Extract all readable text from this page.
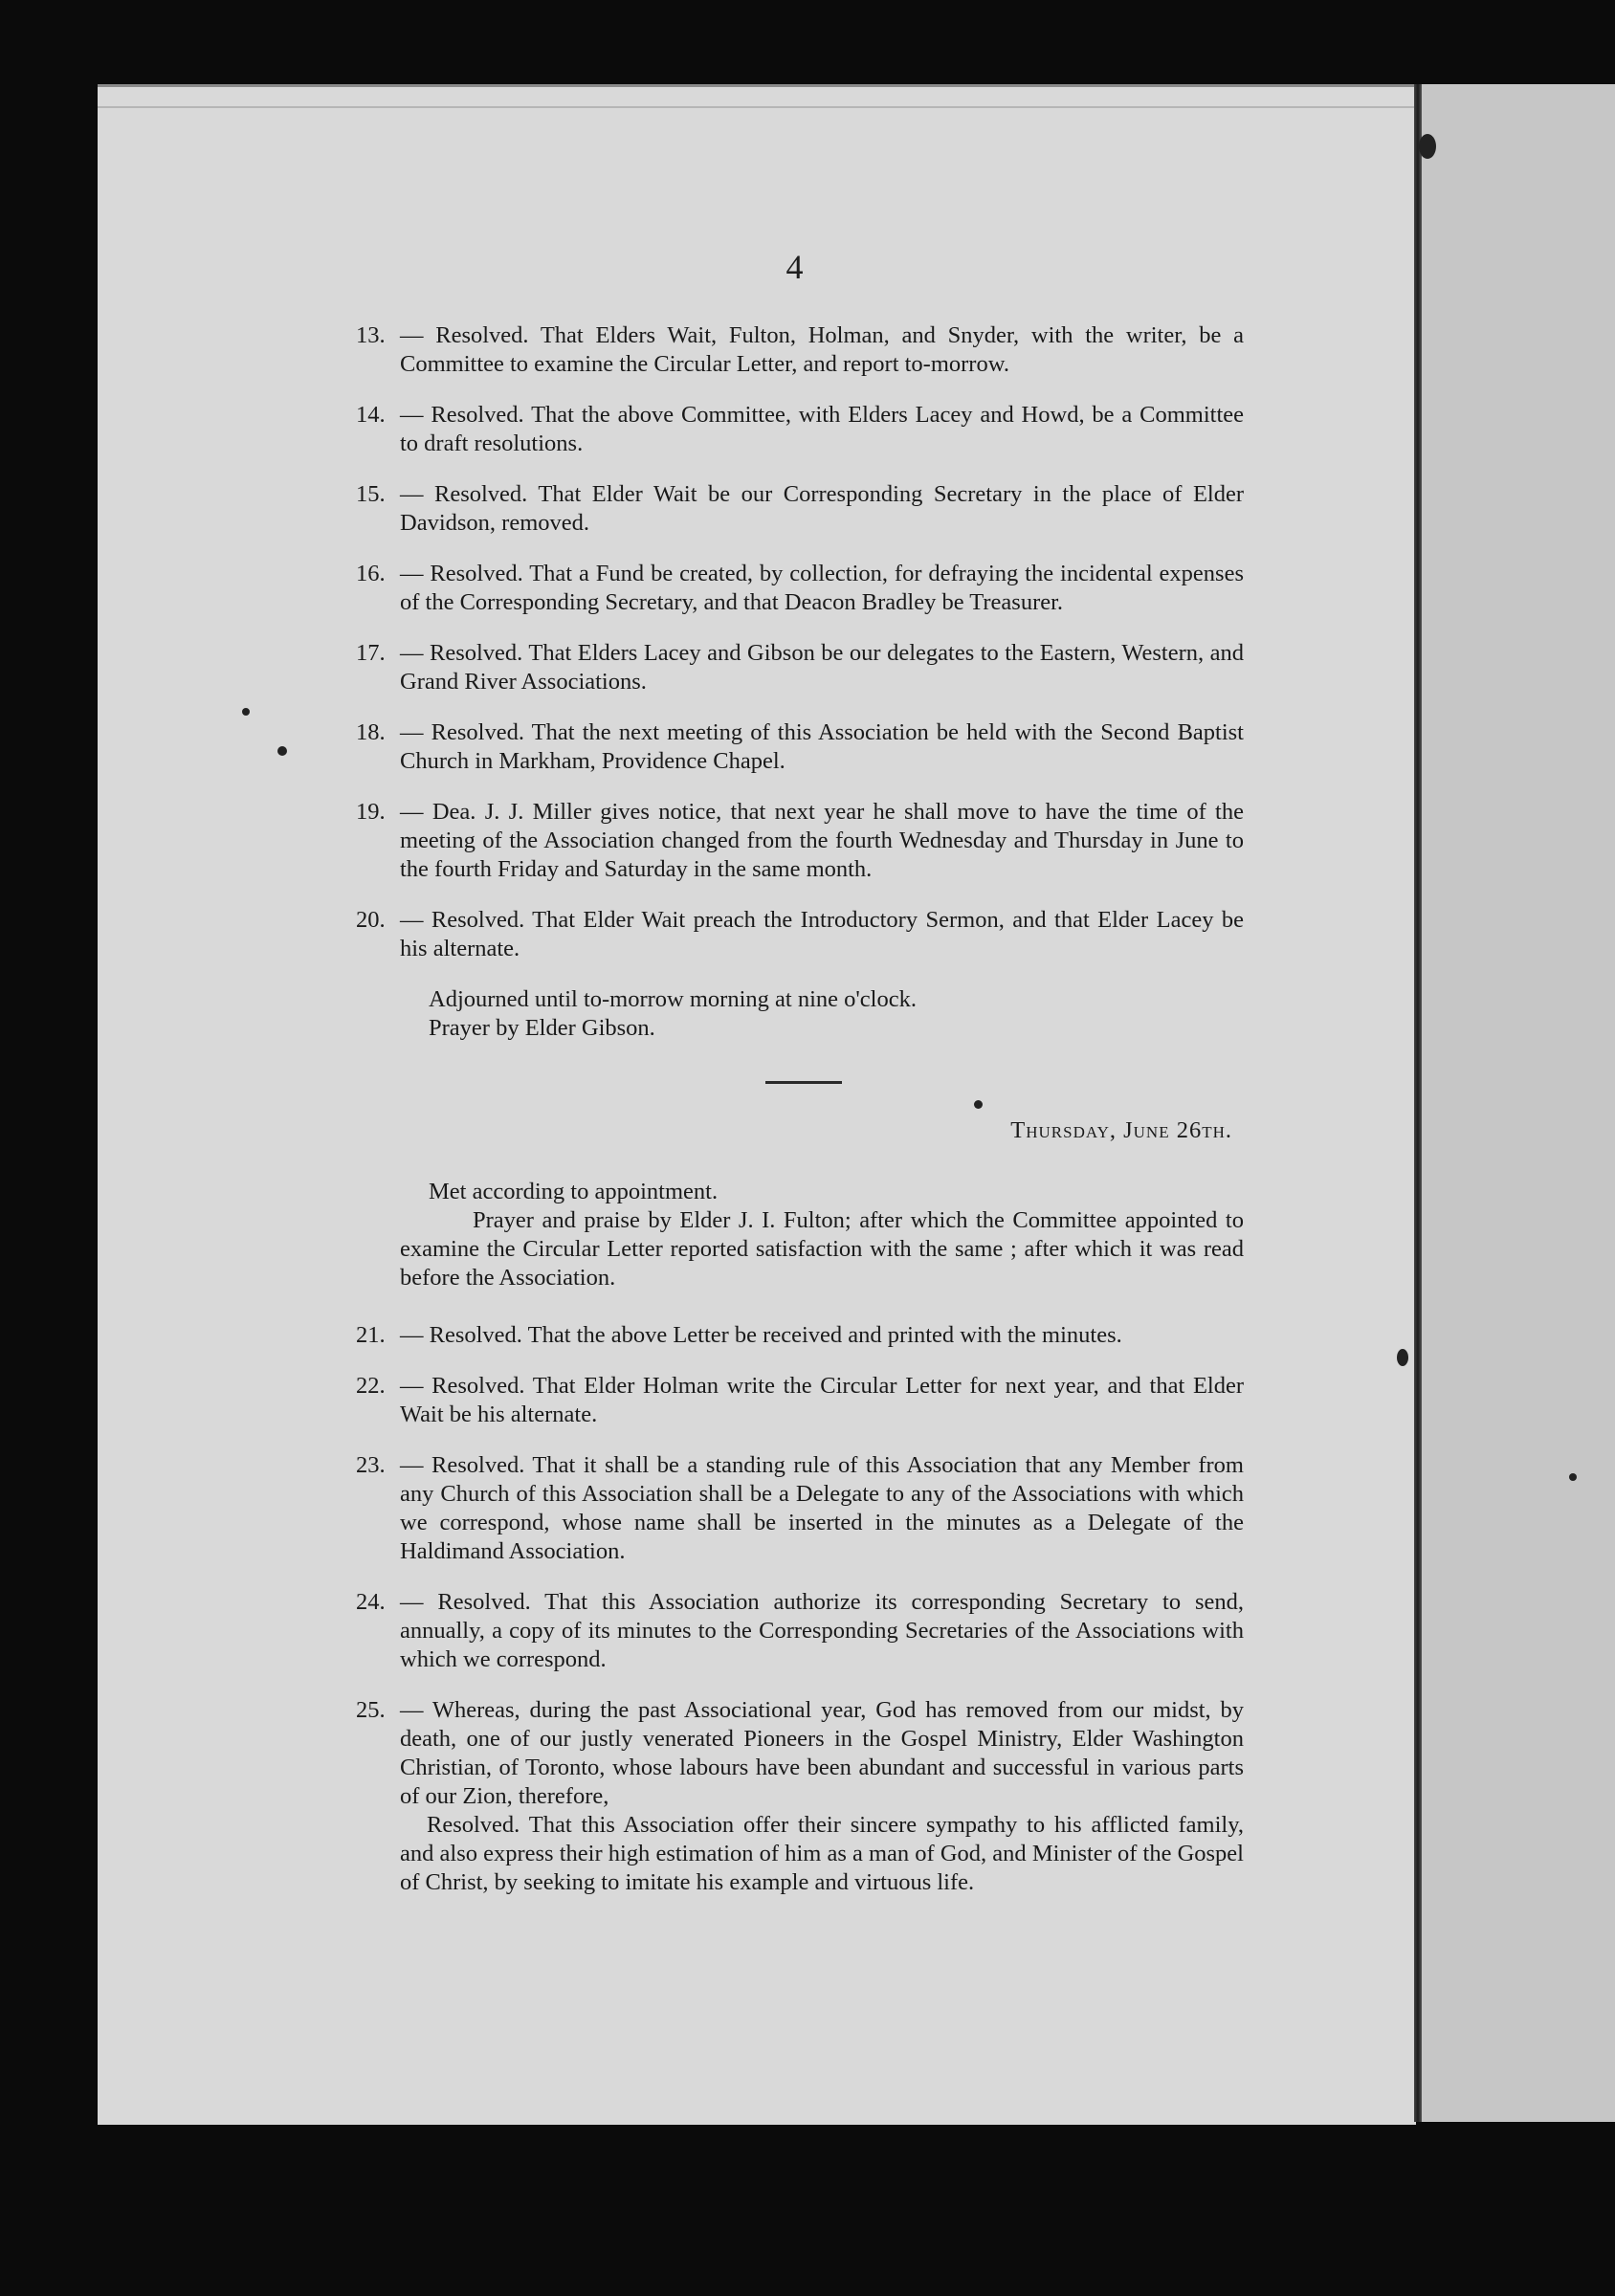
4
13. — Resolved. That Elders Wait, Fulton, Holman, and Snyder, with the writer, be a Committee to examine the Circular Letter, and report to-morrow.

14. — Resolved. That the above Committee, with Elders Lacey and Howd, be a Committee to draft resolutions.

15. — Resolved. That Elder Wait be our Corresponding Secretary in the place of Elder Davidson, removed.

16. — Resolved. That a Fund be created, by collection, for defraying the incidental expenses of the Corresponding Secretary, and that Deacon Bradley be Treasurer.

17. — Resolved. That Elders Lacey and Gibson be our delegates to the Eastern, Western, and Grand River Associations.

18. — Resolved. That the next meeting of this Association be held with the Second Baptist Church in Markham, Providence Chapel.

19. — Dea. J. J. Miller gives notice, that next year he shall move to have the time of the meeting of the Association changed from the fourth Wednesday and Thursday in June to the fourth Friday and Saturday in the same month.

20. — Resolved. That Elder Wait preach the Introductory Sermon, and that Elder Lacey be his alternate.

Adjourned until to-morrow morning at nine o'clock.

Prayer by Elder Gibson.

Thursday, June 26th.

Met according to appointment.

Prayer and praise by Elder J. I. Fulton; after which the Committee appointed to examine the Circular Letter reported satisfaction with the same ; after which it was read before the Association.

21. — Resolved. That the above Letter be received and printed with the minutes.

22. — Resolved. That Elder Holman write the Circular Letter for next year, and that Elder Wait be his alternate.

23. — Resolved. That it shall be a standing rule of this Association that any Member from any Church of this Association shall be a Delegate to any of the Associations with which we correspond, whose name shall be inserted in the minutes as a Delegate of the Haldimand Association.

24. — Resolved. That this Association authorize its corresponding Secretary to send, annually, a copy of its minutes to the Corresponding Secretaries of the Associations with which we correspond.

25. — Whereas, during the past Associational year, God has removed from our midst, by death, one of our justly venerated Pioneers in the Gospel Ministry, Elder Washington Christian, of Toronto, whose labours have been abundant and successful in various parts of our Zion, therefore,

Resolved. That this Association offer their sincere sympathy to his afflicted family, and also express their high estimation of him as a man of God, and Minister of the Gospel of Christ, by seeking to imitate his example and virtuous life.
